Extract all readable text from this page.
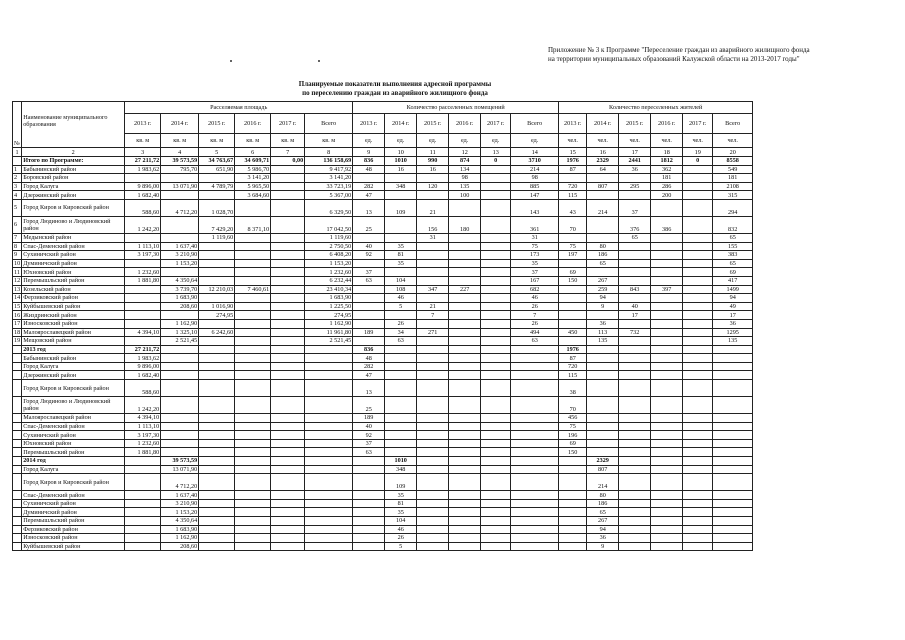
Приложение № 3 к Программе "Переселение граждан из аварийного жилищного фонда на территории муниципальных образований Калужской области на 2013-2017 годы"
Планируемые показатели выполнения адресной программы
по переселению граждан из аварийного жилищного фонда
№	Наименование муниципального образования	Расселяемая площадь						Количество расселенных помещений						Количество переселенных жителей					
		2013 г.	2014 г.	2015 г.	2016 г.	2017 г.	Всего	2013 г.	2014 г.	2015 г.	2016 г.	2017 г.	Всего	2013 г.	2014 г.	2015 г.	2016 г.	2017 г.	Всего
		кв. м	кв. м	кв. м	кв. м	кв. м	кв. м	ед.	ед.	ед.	ед.	ед.	ед.	чел.	чел.	чел.	чел.	чел.	чел.
1	2	3	4	5	6	7	8	9	10	11	12	13	14	15	16	17	18	19	20
	Итого по Программе:	27 211,72	39 573,59	34 763,67	34 609,71	0,00	136 158,69	836	1010	990	874	0	3710	1976	2329	2441	1812	0	8558
1	Бабынинский район	1 983,62	795,70	651,90	5 986,70		9 417,92	48	16	16	134		214	87	64	36	362		549
2	Боровский район				3 141,20		3 141,20				98		98				181		181
3	Город Калуга	9 896,00	13 071,90	4 789,79	5 965,50		33 723,19	282	348	120	135		885	720	807	295	286		2108
4	Дзержинский район	1 682,40			3 684,60		5 367,00	47			100		147	115			200		315
5	Город Киров и Кировский район	588,60	4 712,20	1 028,70			6 329,50	13	109	21			143	43	214	37			294
6	Город Людиново и Людиновский район	1 242,20		7 429,20	8 371,10		17 042,50	25		156	180		361	70		376	386		832
7	Медынский район			1 119,60			1 119,60			31			31			65			65
8	Спас-Деменский район	1 113,10	1 637,40				2 750,50	40	35				75	75	80				155
9	Сухиничский район	3 197,30	3 210,90				6 408,20	92	81				173	197	186				383
10	Думиничский район		1 153,20				1 153,20		35				35		65				65
11	Юхновский район	1 232,60					1 232,60	37					37	69					69
12	Перемышльский район	1 881,80	4 350,64				6 232,44	63	104				167	150	267				417
13	Козельский район		3 739,70	12 210,03	7 460,61		23 410,34		108	347	227		682		259	843	397		1499
14	Ферзиковский район		1 683,90				1 683,90		46				46		94				94
15	Куйбышевский район		208,60	1 016,90			1 225,50		5	21			26		9	40			49
16	Жиздринский район			274,95			274,95			7			7			17			17
17	Износковский район		1 162,90				1 162,90		26				26		36				36
18	Малоярославецкий район	4 394,10	1 325,10	6 242,60			11 961,80	189	34	271			494	450	113	732			1295
19	Мещовский район		2 521,45				2 521,45		63				63		135				135
	2013 год	27 211,72						836						1976					
	Бабынинский район	1 983,62						48						87					
	Город Калуга	9 896,00						282						720					
	Дзержинский район	1 682,40						47						115					
	Город Киров и Кировский район	588,60						13						38					
	Город Людиново и Людиновский район	1 242,20						25						70					
	Малоярославецкий район	4 394,10						189						456					
	Спас-Деменский район	1 113,10						40						75					
	Сухиничский район	3 197,30						92						196					
	Юхновский район	1 232,60						37						69					
	Перемышльский район	1 881,80						63						150					
	2014 год		39 573,59						1010						2329				
	Город Калуга		13 071,90						348						807				
	Город Киров и Кировский район		4 712,20						109						214				
	Спас-Деменский район		1 637,40						35						80				
	Сухиничский район		3 210,90						81						186				
	Думиничский район		1 153,20						35						65				
	Перемышльский район		4 350,64						104						267				
	Ферзиковский район		1 683,90						46						94				
	Износковский район		1 162,90						26						36				
	Куйбышевский район		208,60						5						9				
